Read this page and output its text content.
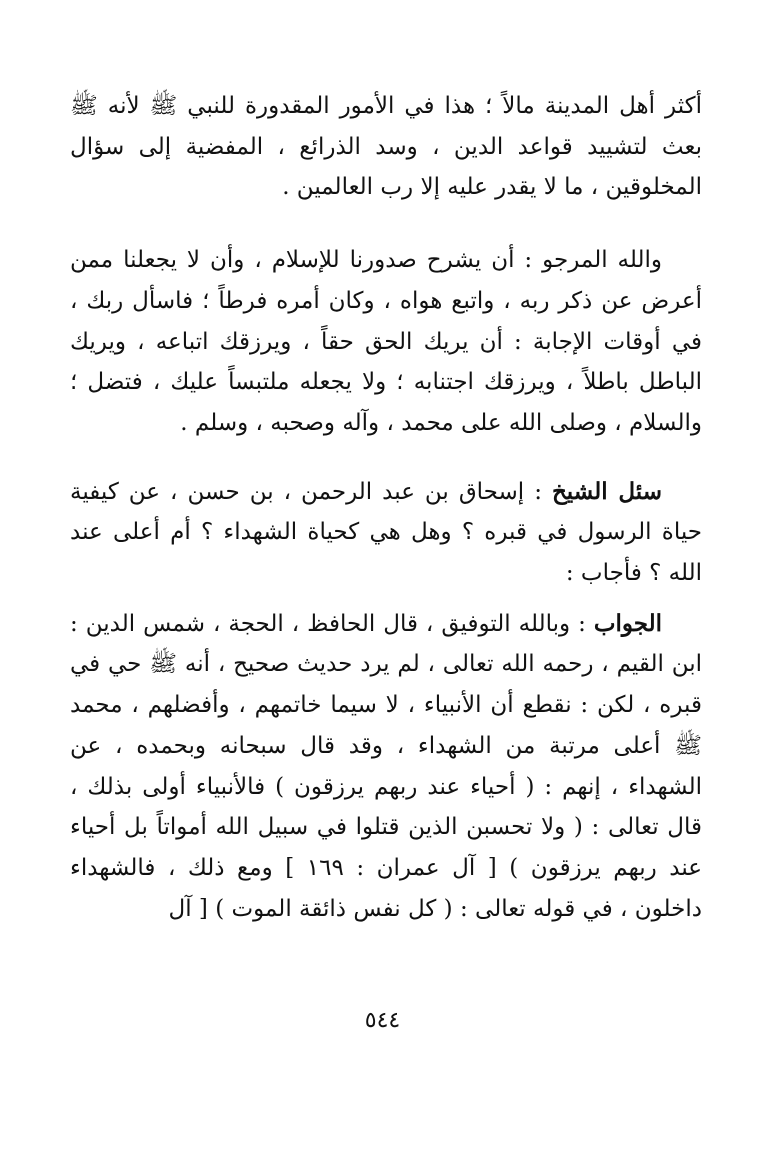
أكثر أهل المدينة مالاً ؛ هذا في الأمور المقدورة للنبي ﷺ لأنه ﷺ بعث لتشييد قواعد الدين ، وسد الذرائع ، المفضية إلى سؤال المخلوقين ، ما لا يقدر عليه إلا رب العالمين .

والله المرجو : أن يشرح صدورنا للإسلام ، وأن لا يجعلنا ممن أعرض عن ذكر ربه ، واتبع هواه ، وكان أمره فرطاً ؛ فاسأل ربك ، في أوقات الإجابة : أن يريك الحق حقاً ، ويرزقك اتباعه ، ويريك الباطل باطلاً ، ويرزقك اجتنابه ؛ ولا يجعله ملتبساً عليك ، فتضل ؛ والسلام ، وصلى الله على محمد ، وآله وصحبه ، وسلم .

سئل الشيخ : إسحاق بن عبد الرحمن ، بن حسن ، عن كيفية حياة الرسول في قبره ؟ وهل هي كحياة الشهداء ؟ أم أعلى عند الله ؟ فأجاب :

الجواب : وبالله التوفيق ، قال الحافظ ، الحجة ، شمس الدين : ابن القيم ، رحمه الله تعالى ، لم يرد حديث صحيح ، أنه ﷺ حي في قبره ، لكن : نقطع أن الأنبياء ، لا سيما خاتمهم ، وأفضلهم ، محمد ﷺ أعلى مرتبة من الشهداء ، وقد قال سبحانه وبحمده ، عن الشهداء ، إنهم : ( أحياء عند ربهم يرزقون ) فالأنبياء أولى بذلك ، قال تعالى : ( ولا تحسبن الذين قتلوا في سبيل الله أمواتاً بل أحياء عند ربهم يرزقون ) [ آل عمران : ١٦٩ ] ومع ذلك ، فالشهداء داخلون ، في قوله تعالى : ( كل نفس ذائقة الموت ) [ آل

٥٤٤
